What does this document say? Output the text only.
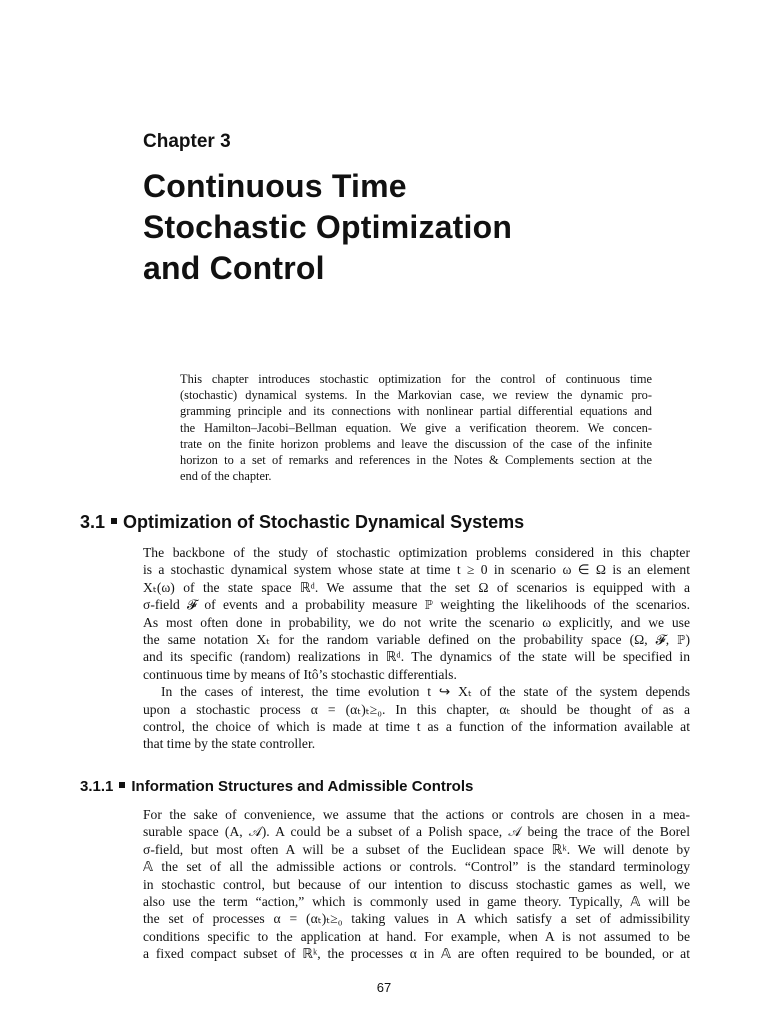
Chapter 3
Continuous Time
Stochastic Optimization
and Control
This chapter introduces stochastic optimization for the control of continuous time
(stochastic) dynamical systems. In the Markovian case, we review the dynamic pro-
gramming principle and its connections with nonlinear partial differential equations and
the Hamilton–Jacobi–Bellman equation. We give a verification theorem. We concen-
trate on the finite horizon problems and leave the discussion of the case of the infinite
horizon to a set of remarks and references in the Notes & Complements section at the
end of the chapter.
3.1 Optimization of Stochastic Dynamical Systems
The backbone of the study of stochastic optimization problems considered in this chapter
is a stochastic dynamical system whose state at time t ≥ 0 in scenario ω ∈ Ω is an element
Xₜ(ω) of the state space ℝᵈ. We assume that the set Ω of scenarios is equipped with a
σ-field 𝓕 of events and a probability measure ℙ weighting the likelihoods of the scenarios.
As most often done in probability, we do not write the scenario ω explicitly, and we use
the same notation Xₜ for the random variable defined on the probability space (Ω, 𝓕, ℙ)
and its specific (random) realizations in ℝᵈ. The dynamics of the state will be specified in
continuous time by means of Itô’s stochastic differentials.
In the cases of interest, the time evolution t ↪ Xₜ of the state of the system depends
upon a stochastic process α = (αₜ)ₜ≥₀. In this chapter, αₜ should be thought of as a
control, the choice of which is made at time t as a function of the information available at
that time by the state controller.
3.1.1 Information Structures and Admissible Controls
For the sake of convenience, we assume that the actions or controls are chosen in a mea-
surable space (A, 𝒜). A could be a subset of a Polish space, 𝒜 being the trace of the Borel
σ-field, but most often A will be a subset of the Euclidean space ℝᵏ. We will denote by
𝔸 the set of all the admissible actions or controls. “Control” is the standard terminology
in stochastic control, but because of our intention to discuss stochastic games as well, we
also use the term “action,” which is commonly used in game theory. Typically, 𝔸 will be
the set of processes α = (αₜ)ₜ≥₀ taking values in A which satisfy a set of admissibility
conditions specific to the application at hand. For example, when A is not assumed to be
a fixed compact subset of ℝᵏ, the processes α in 𝔸 are often required to be bounded, or at
67
